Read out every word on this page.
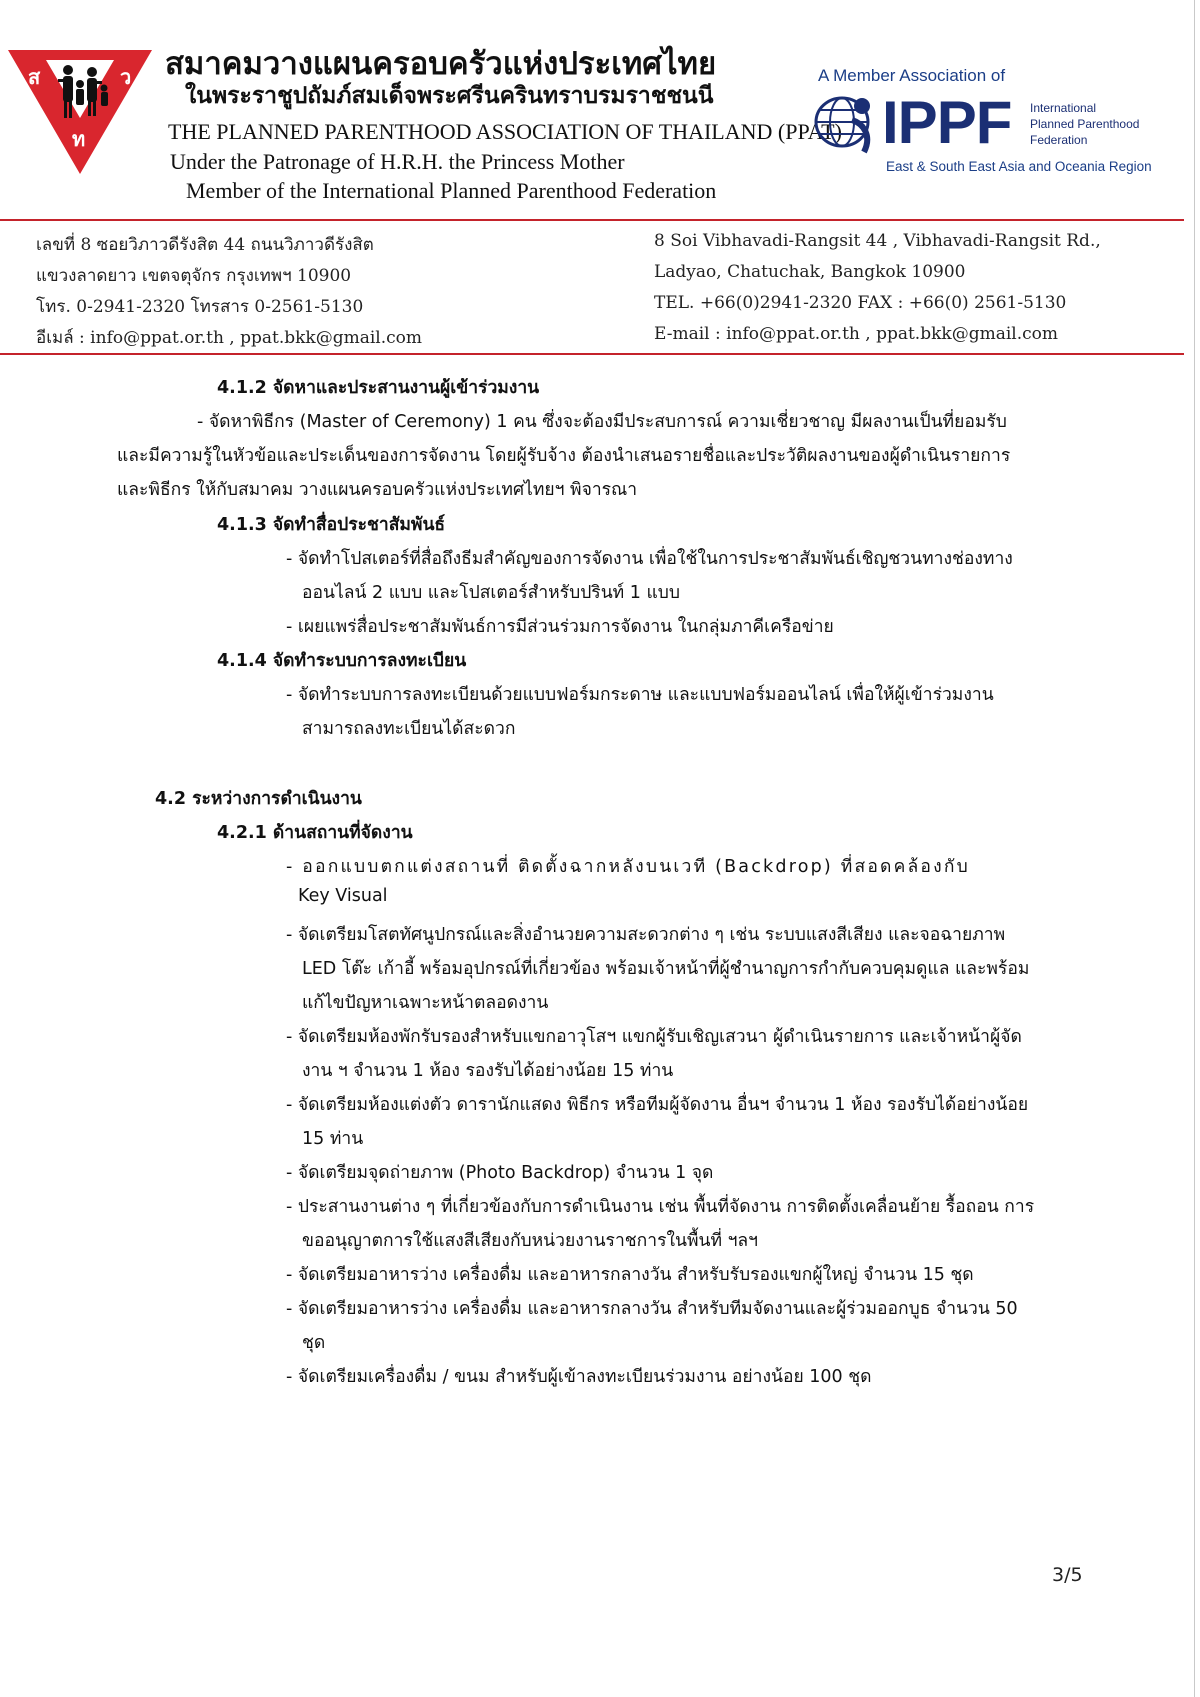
ส	ว
ท
สมาคมวางแผนครอบครัวแห่งประเทศไทย
ในพระราชูปถัมภ์สมเด็จพระศรีนครินทราบรมราชชนนี
THE PLANNED PARENTHOOD ASSOCIATION OF THAILAND (PPAT)
Under the Patronage of H.R.H. the Princess Mother
Member of the International Planned Parenthood Federation
A Member Association of
IPPF International
Planned Parenthood
Federation
East & South East Asia and Oceania Region
เลขที่ 8 ซอยวิภาวดีรังสิต 44 ถนนวิภาวดีรังสิต
แขวงลาดยาว เขตจตุจักร กรุงเทพฯ 10900
โทร. 0-2941-2320 โทรสาร 0-2561-5130
อีเมล์ : info@ppat.or.th , ppat.bkk@gmail.com
8 Soi Vibhavadi-Rangsit 44 , Vibhavadi-Rangsit Rd.,
Ladyao, Chatuchak, Bangkok 10900
TEL. +66(0)2941-2320 FAX : +66(0) 2561-5130
E-mail : info@ppat.or.th , ppat.bkk@gmail.com
4.1.2 จัดหาและประสานงานผู้เข้าร่วมงาน
- จัดหาพิธีกร (Master of Ceremony) 1 คน ซึ่งจะต้องมีประสบการณ์ ความเชี่ยวชาญ มีผลงานเป็นที่ยอมรับ
และมีความรู้ในหัวข้อและประเด็นของการจัดงาน โดยผู้รับจ้าง ต้องนำเสนอรายชื่อและประวัติผลงานของผู้ดำเนินรายการ
และพิธีกร ให้กับสมาคม วางแผนครอบครัวแห่งประเทศไทยฯ พิจารณา
4.1.3 จัดทำสื่อประชาสัมพันธ์
- จัดทำโปสเตอร์ที่สื่อถึงธีมสำคัญของการจัดงาน เพื่อใช้ในการประชาสัมพันธ์เชิญชวนทางช่องทาง
ออนไลน์ 2 แบบ และโปสเตอร์สำหรับปรินท์ 1 แบบ
- เผยแพร่สื่อประชาสัมพันธ์การมีส่วนร่วมการจัดงาน ในกลุ่มภาคีเครือข่าย
4.1.4 จัดทำระบบการลงทะเบียน
- จัดทำระบบการลงทะเบียนด้วยแบบฟอร์มกระดาษ และแบบฟอร์มออนไลน์ เพื่อให้ผู้เข้าร่วมงาน
สามารถลงทะเบียนได้สะดวก
4.2 ระหว่างการดำเนินงาน
4.2.1 ด้านสถานที่จัดงาน
- ออกแบบตกแต่งสถานที่ ติดตั้งฉากหลังบนเวที (Backdrop) ที่สอดคล้องกับ
Key Visual
- จัดเตรียมโสตทัศนูปกรณ์และสิ่งอำนวยความสะดวกต่าง ๆ เช่น ระบบแสงสีเสียง และจอฉายภาพ
LED โต๊ะ เก้าอี้ พร้อมอุปกรณ์ที่เกี่ยวข้อง พร้อมเจ้าหน้าที่ผู้ชำนาญการกำกับควบคุมดูแล และพร้อม
แก้ไขปัญหาเฉพาะหน้าตลอดงาน
- จัดเตรียมห้องพักรับรองสำหรับแขกอาวุโสฯ แขกผู้รับเชิญเสวนา ผู้ดำเนินรายการ และเจ้าหน้าผู้จัด
งาน ฯ จำนวน 1 ห้อง รองรับได้อย่างน้อย 15 ท่าน
- จัดเตรียมห้องแต่งตัว ดารานักแสดง พิธีกร หรือทีมผู้จัดงาน อื่นฯ จำนวน 1 ห้อง รองรับได้อย่างน้อย
15 ท่าน
- จัดเตรียมจุดถ่ายภาพ (Photo Backdrop) จำนวน 1 จุด
- ประสานงานต่าง ๆ ที่เกี่ยวข้องกับการดำเนินงาน เช่น พื้นที่จัดงาน การติดตั้งเคลื่อนย้าย รื้อถอน การ
ขออนุญาตการใช้แสงสีเสียงกับหน่วยงานราชการในพื้นที่ ฯลฯ
- จัดเตรียมอาหารว่าง เครื่องดื่ม และอาหารกลางวัน สำหรับรับรองแขกผู้ใหญ่ จำนวน 15 ชุด
- จัดเตรียมอาหารว่าง เครื่องดื่ม และอาหารกลางวัน สำหรับทีมจัดงานและผู้ร่วมออกบูธ จำนวน 50
ชุด
- จัดเตรียมเครื่องดื่ม / ขนม สำหรับผู้เข้าลงทะเบียนร่วมงาน อย่างน้อย 100 ชุด
3/5
